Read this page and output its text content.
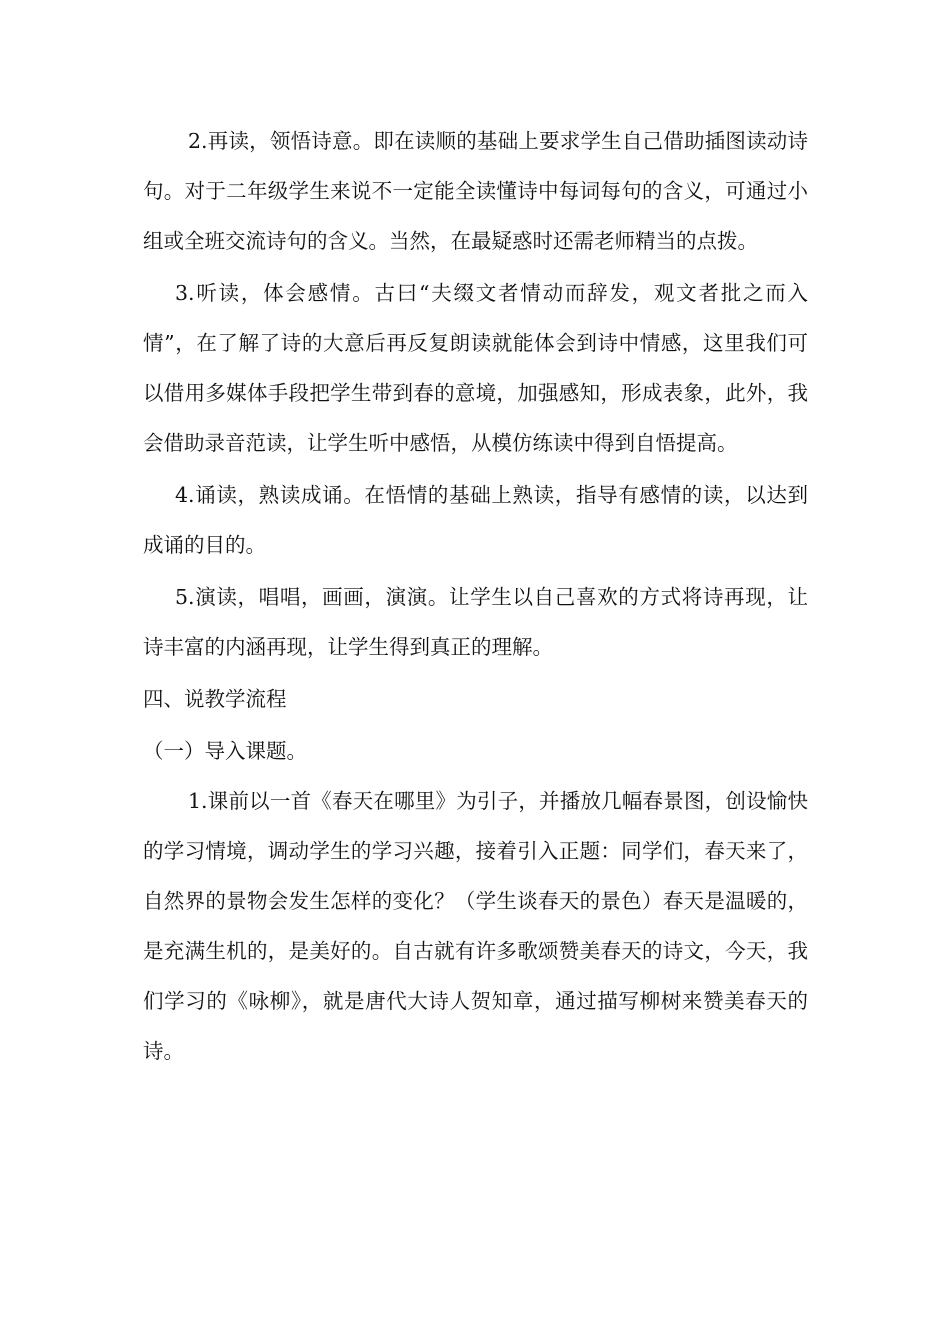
2.再读，领悟诗意。即在读顺的基础上要求学生自己借助插图读动诗句。对于二年级学生来说不一定能全读懂诗中每词每句的含义，可通过小组或全班交流诗句的含义。当然，在最疑惑时还需老师精当的点拨。

3.听读，体会感情。古曰“夫缀文者情动而辞发，观文者批之而入情”，在了解了诗的大意后再反复朗读就能体会到诗中情感，这里我们可以借用多媒体手段把学生带到春的意境，加强感知，形成表象，此外，我会借助录音范读，让学生听中感悟，从模仿练读中得到自悟提高。

4.诵读，熟读成诵。在悟情的基础上熟读，指导有感情的读，以达到成诵的目的。

5.演读，唱唱，画画，演演。让学生以自己喜欢的方式将诗再现，让诗丰富的内涵再现，让学生得到真正的理解。

四、说教学流程

（一）导入课题。

1.课前以一首《春天在哪里》为引子，并播放几幅春景图，创设愉快的学习情境，调动学生的学习兴趣，接着引入正题：同学们，春天来了，自然界的景物会发生怎样的变化？（学生谈春天的景色）春天是温暖的，是充满生机的，是美好的。自古就有许多歌颂赞美春天的诗文，今天，我们学习的《咏柳》，就是唐代大诗人贺知章，通过描写柳树来赞美春天的诗。
